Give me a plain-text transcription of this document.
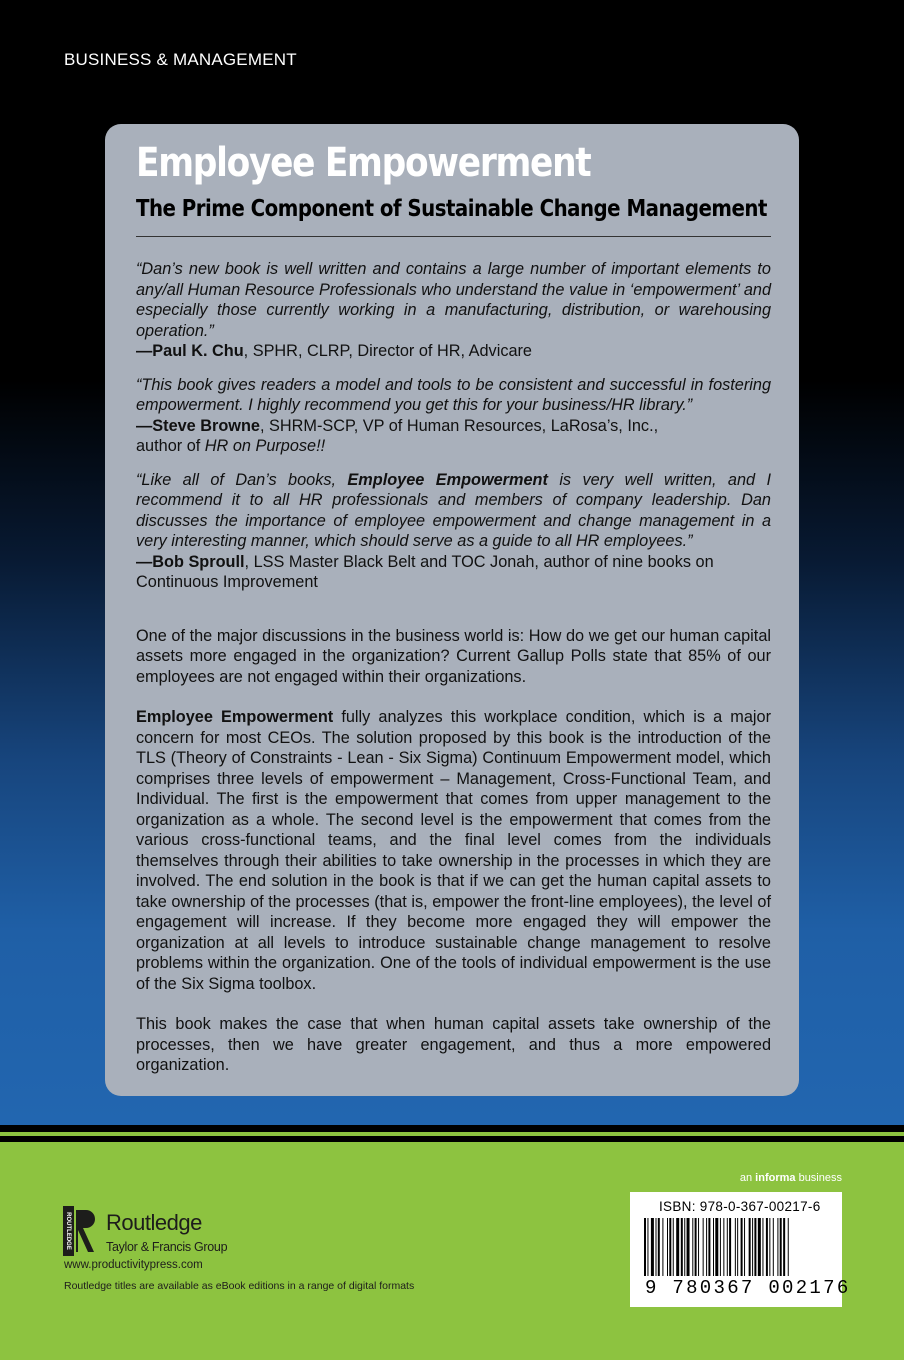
BUSINESS & MANAGEMENT
Employee Empowerment
The Prime Component of Sustainable Change Management

“Dan’s new book is well written and contains a large number of important elements to any/all Human Resource Professionals who understand the value in ‘empowerment’ and especially those currently working in a manufacturing, distribution, or warehousing operation.”

—Paul K. Chu, SPHR, CLRP, Director of HR, Advicare

“This book gives readers a model and tools to be consistent and successful in fostering empowerment. I highly recommend you get this for your business/HR library.”

—Steve Browne, SHRM-SCP, VP of Human Resources, LaRosa’s, Inc.,

author of HR on Purpose!!

“Like all of Dan’s books, Employee Empowerment is very well written, and I recommend it to all HR professionals and members of company leadership. Dan discusses the importance of employee empowerment and change management in a very interesting manner, which should serve as a guide to all HR employees.”

—Bob Sproull, LSS Master Black Belt and TOC Jonah, author of nine books on Continuous Improvement

One of the major discussions in the business world is: How do we get our human capital assets more engaged in the organization? Current Gallup Polls state that 85% of our employees are not engaged within their organizations.

Employee Empowerment fully analyzes this workplace condition, which is a major concern for most CEOs. The solution proposed by this book is the introduction of the TLS (Theory of Constraints - Lean - Six Sigma) Continuum Empowerment model, which comprises three levels of empowerment – Management, Cross-Functional Team, and Individual. The first is the empowerment that comes from upper management to the organization as a whole. The second level is the empowerment that comes from the various cross-functional teams, and the final level comes from the individuals themselves through their abilities to take ownership in the processes in which they are involved. The end solution in the book is that if we can get the human capital assets to take ownership of the processes (that is, empower the front-line employees), the level of engagement will increase. If they become more engaged they will empower the organization at all levels to introduce sustainable change management to resolve problems within the organization. One of the tools of individual empowerment is the use of the Six Sigma toolbox.

This book makes the case that when human capital assets take ownership of the processes, then we have greater engagement, and thus a more empowered organization.

an informa business
ROUTLEDGE Routledge
Taylor & Francis Group
www.productivitypress.com
Routledge titles are available as eBook editions in a range of digital formats
ISBN: 978-0-367-00217-6
9 780367 002176
